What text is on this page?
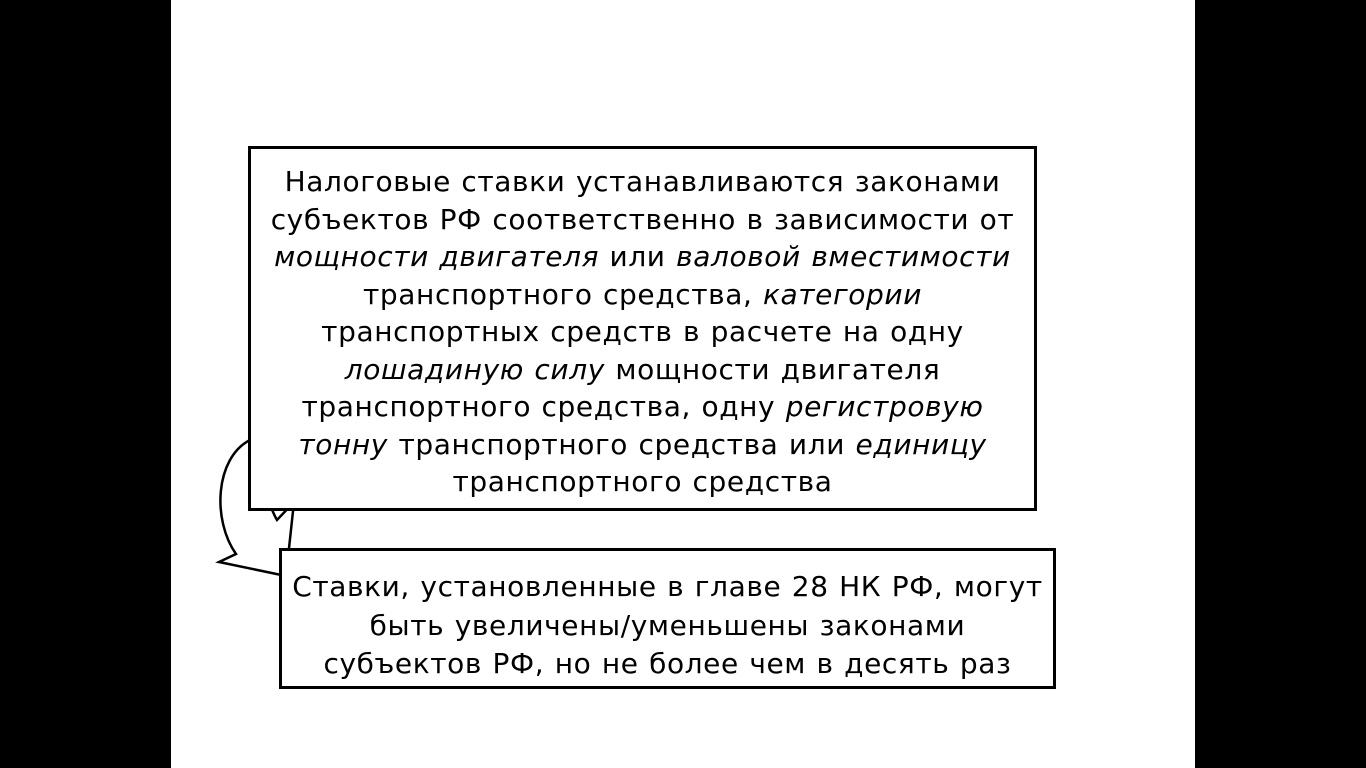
Налоговые ставки устанавливаются законами субъектов РФ соответственно в зависимости от мощности двигателя или валовой вместимости транспортного средства, категории  транспортных средств в расчете на одну лошадиную силу мощности двигателя транспортного средства, одну регистровую тонну транспортного средства или единицу транспортного средства
Ставки, установленные в главе 28 НК РФ, могут быть увеличены/уменьшены законами субъектов РФ, но не более чем в десять раз
